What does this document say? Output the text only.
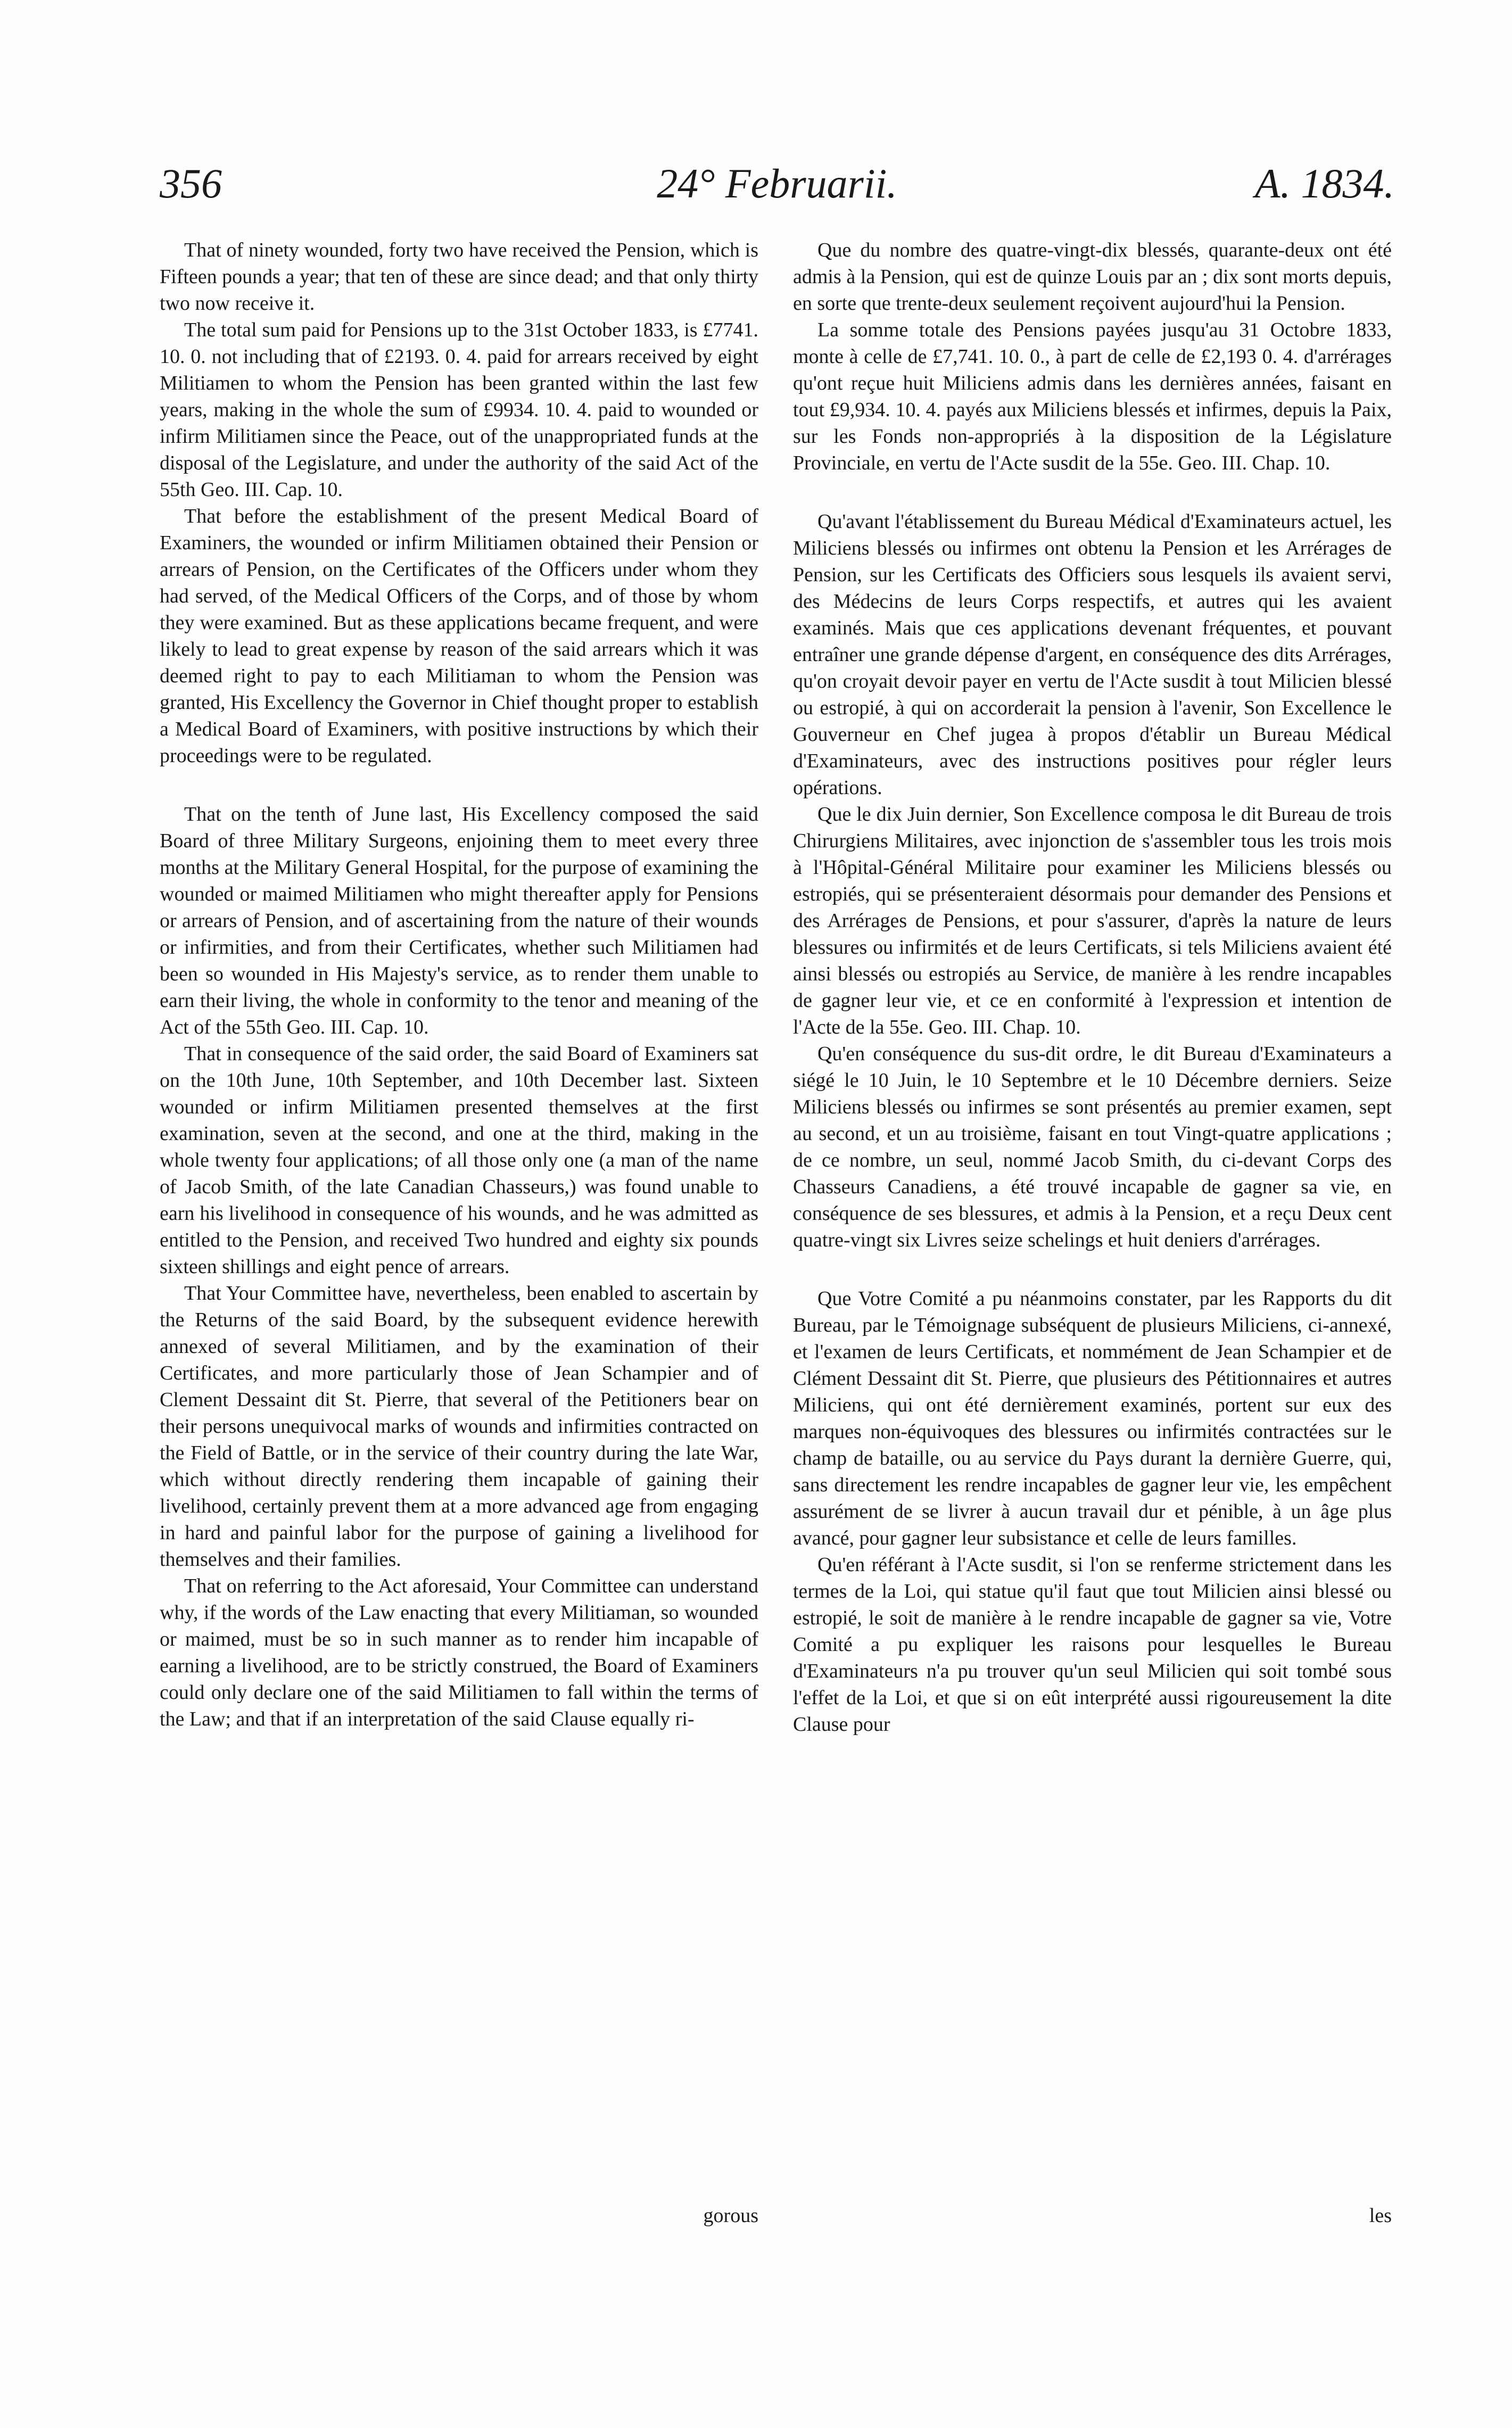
356	24° Februarii.	A. 1834.

That of ninety wounded, forty two have received the Pension, which is Fifteen pounds a year; that ten of these are since dead; and that only thirty two now receive it.

The total sum paid for Pensions up to the 31st October 1833, is £7741. 10. 0. not including that of £2193. 0. 4. paid for arrears received by eight Militiamen to whom the Pension has been granted within the last few years, making in the whole the sum of £9934. 10. 4. paid to wounded or infirm Militiamen since the Peace, out of the unappropriated funds at the disposal of the Legislature, and under the authority of the said Act of the 55th Geo. III. Cap. 10.

That before the establishment of the present Medical Board of Examiners, the wounded or infirm Militiamen obtained their Pension or arrears of Pension, on the Certificates of the Officers under whom they had served, of the Medical Officers of the Corps, and of those by whom they were examined. But as these applications became frequent, and were likely to lead to great expense by reason of the said arrears which it was deemed right to pay to each Militiaman to whom the Pension was granted, His Excellency the Governor in Chief thought proper to establish a Medical Board of Examiners, with positive instructions by which their proceedings were to be regulated.

That on the tenth of June last, His Excellency composed the said Board of three Military Surgeons, enjoining them to meet every three months at the Military General Hospital, for the purpose of examining the wounded or maimed Militiamen who might thereafter apply for Pensions or arrears of Pension, and of ascertaining from the nature of their wounds or infirmities, and from their Certificates, whether such Militiamen had been so wounded in His Majesty's service, as to render them unable to earn their living, the whole in conformity to the tenor and meaning of the Act of the 55th Geo. III. Cap. 10.

That in consequence of the said order, the said Board of Examiners sat on the 10th June, 10th September, and 10th December last. Sixteen wounded or infirm Militiamen presented themselves at the first examination, seven at the second, and one at the third, making in the whole twenty four applications; of all those only one (a man of the name of Jacob Smith, of the late Canadian Chasseurs,) was found unable to earn his livelihood in consequence of his wounds, and he was admitted as entitled to the Pension, and received Two hundred and eighty six pounds sixteen shillings and eight pence of arrears.

That Your Committee have, nevertheless, been enabled to ascertain by the Returns of the said Board, by the subsequent evidence herewith annexed of several Militiamen, and by the examination of their Certificates, and more particularly those of Jean Schampier and of Clement Dessaint dit St. Pierre, that several of the Petitioners bear on their persons unequivocal marks of wounds and infirmities contracted on the Field of Battle, or in the service of their country during the late War, which without directly rendering them incapable of gaining their livelihood, certainly prevent them at a more advanced age from engaging in hard and painful labor for the purpose of gaining a livelihood for themselves and their families.

That on referring to the Act aforesaid, Your Committee can understand why, if the words of the Law enacting that every Militiaman, so wounded or maimed, must be so in such manner as to render him incapable of earning a livelihood, are to be strictly construed, the Board of Examiners could only declare one of the said Militiamen to fall within the terms of the Law; and that if an interpretation of the said Clause equally ri-

Que du nombre des quatre-vingt-dix blessés, quarante-deux ont été admis à la Pension, qui est de quinze Louis par an ; dix sont morts depuis, en sorte que trente-deux seulement reçoivent aujourd'hui la Pension.

La somme totale des Pensions payées jusqu'au 31 Octobre 1833, monte à celle de £7,741. 10. 0., à part de celle de £2,193 0. 4. d'arrérages qu'ont reçue huit Miliciens admis dans les dernières années, faisant en tout £9,934. 10. 4. payés aux Miliciens blessés et infirmes, depuis la Paix, sur les Fonds non-appropriés à la disposition de la Législature Provinciale, en vertu de l'Acte susdit de la 55e. Geo. III. Chap. 10.

Qu'avant l'établissement du Bureau Médical d'Examinateurs actuel, les Miliciens blessés ou infirmes ont obtenu la Pension et les Arrérages de Pension, sur les Certificats des Officiers sous lesquels ils avaient servi, des Médecins de leurs Corps respectifs, et autres qui les avaient examinés. Mais que ces applications devenant fréquentes, et pouvant entraîner une grande dépense d'argent, en conséquence des dits Arrérages, qu'on croyait devoir payer en vertu de l'Acte susdit à tout Milicien blessé ou estropié, à qui on accorderait la pension à l'avenir, Son Excellence le Gouverneur en Chef jugea à propos d'établir un Bureau Médical d'Examinateurs, avec des instructions positives pour régler leurs opérations.

Que le dix Juin dernier, Son Excellence composa le dit Bureau de trois Chirurgiens Militaires, avec injonction de s'assembler tous les trois mois à l'Hôpital-Général Militaire pour examiner les Miliciens blessés ou estropiés, qui se présenteraient désormais pour demander des Pensions et des Arrérages de Pensions, et pour s'assurer, d'après la nature de leurs blessures ou infirmités et de leurs Certificats, si tels Miliciens avaient été ainsi blessés ou estropiés au Service, de manière à les rendre incapables de gagner leur vie, et ce en conformité à l'expression et intention de l'Acte de la 55e. Geo. III. Chap. 10.

Qu'en conséquence du sus-dit ordre, le dit Bureau d'Examinateurs a siégé le 10 Juin, le 10 Septembre et le 10 Décembre derniers. Seize Miliciens blessés ou infirmes se sont présentés au premier examen, sept au second, et un au troisième, faisant en tout Vingt-quatre applications ; de ce nombre, un seul, nommé Jacob Smith, du ci-devant Corps des Chasseurs Canadiens, a été trouvé incapable de gagner sa vie, en conséquence de ses blessures, et admis à la Pension, et a reçu Deux cent quatre-vingt six Livres seize schelings et huit deniers d'arrérages.

Que Votre Comité a pu néanmoins constater, par les Rapports du dit Bureau, par le Témoignage subséquent de plusieurs Miliciens, ci-annexé, et l'examen de leurs Certificats, et nommément de Jean Schampier et de Clément Dessaint dit St. Pierre, que plusieurs des Pétitionnaires et autres Miliciens, qui ont été dernièrement examinés, portent sur eux des marques non-équivoques des blessures ou infirmités contractées sur le champ de bataille, ou au service du Pays durant la dernière Guerre, qui, sans directement les rendre incapables de gagner leur vie, les empêchent assurément de se livrer à aucun travail dur et pénible, à un âge plus avancé, pour gagner leur subsistance et celle de leurs familles.

Qu'en référant à l'Acte susdit, si l'on se renferme strictement dans les termes de la Loi, qui statue qu'il faut que tout Milicien ainsi blessé ou estropié, le soit de manière à le rendre incapable de gagner sa vie, Votre Comité a pu expliquer les raisons pour lesquelles le Bureau d'Examinateurs n'a pu trouver qu'un seul Milicien qui soit tombé sous l'effet de la Loi, et que si on eût interprété aussi rigoureusement la dite Clause pour

gorous	les
